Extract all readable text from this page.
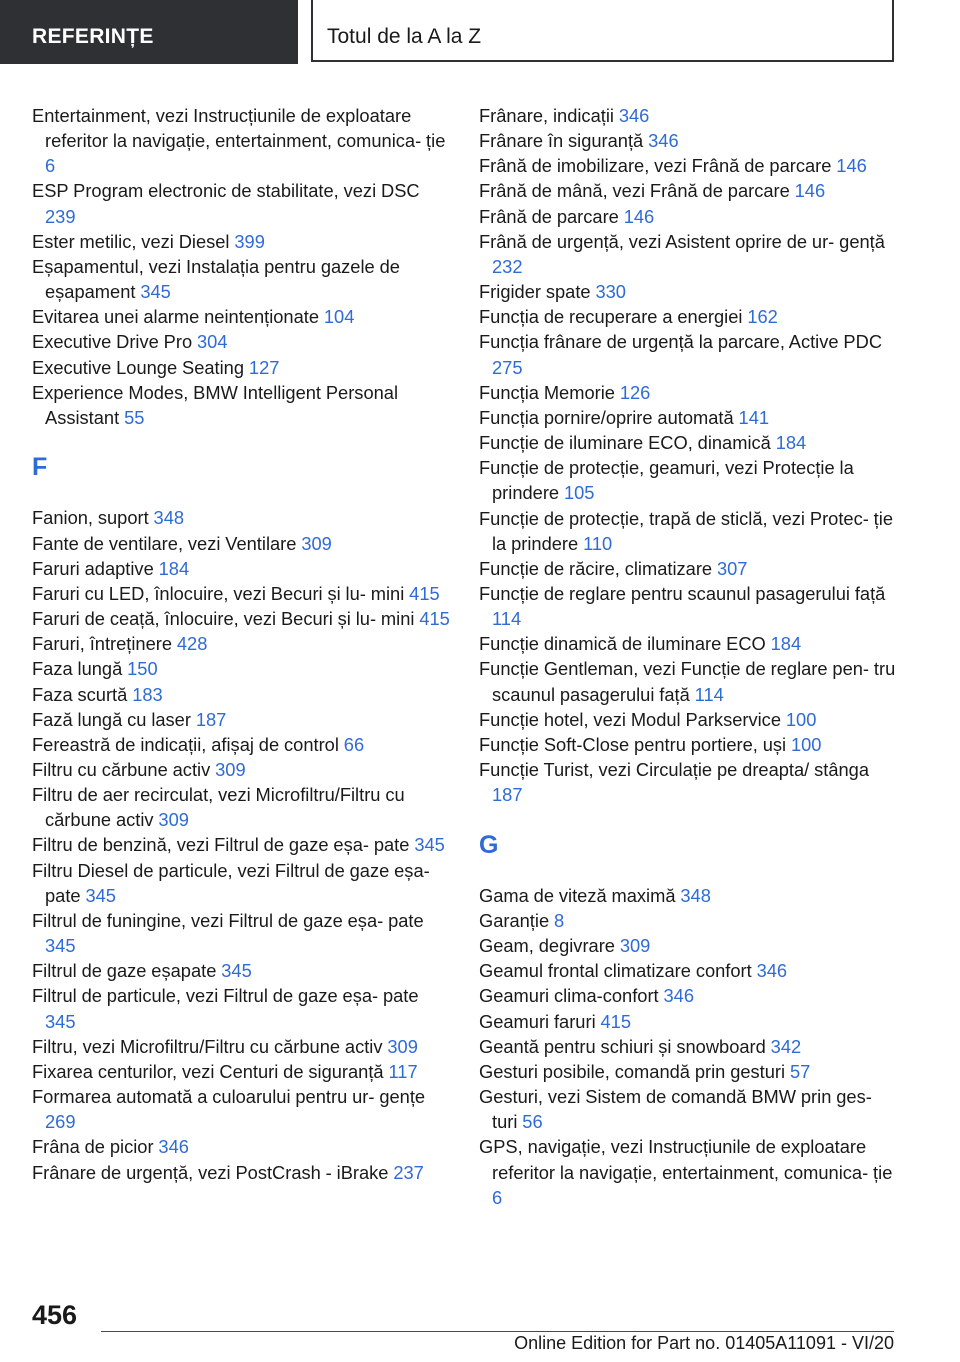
REFERINȚE	Totul de la A la Z
Entertainment, vezi Instrucțiunile de exploatare referitor la navigație, entertainment, comunica‐ ție 6
ESP Program electronic de stabilitate, vezi DSC 239
Ester metilic, vezi Diesel 399
Eșapamentul, vezi Instalația pentru gazele de eșapament 345
Evitarea unei alarme neintenționate 104
Executive Drive Pro 304
Executive Lounge Seating 127
Experience Modes, BMW Intelligent Personal Assistant 55
F
Fanion, suport 348
Fante de ventilare, vezi Ventilare 309
Faruri adaptive 184
Faruri cu LED, înlocuire, vezi Becuri și lu‐ mini 415
Faruri de ceață, înlocuire, vezi Becuri și lu‐ mini 415
Faruri, întreținere 428
Faza lungă 150
Faza scurtă 183
Fază lungă cu laser 187
Fereastră de indicații, afișaj de control 66
Filtru cu cărbune activ 309
Filtru de aer recirculat, vezi Microfiltru/Filtru cu cărbune activ 309
Filtru de benzină, vezi Filtrul de gaze eșa‐ pate 345
Filtru Diesel de particule, vezi Filtrul de gaze eșa‐ pate 345
Filtrul de funingine, vezi Filtrul de gaze eșa‐ pate 345
Filtrul de gaze eșapate 345
Filtrul de particule, vezi Filtrul de gaze eșa‐ pate 345
Filtru, vezi Microfiltru/Filtru cu cărbune activ 309
Fixarea centurilor, vezi Centuri de siguranță 117
Formarea automată a culoarului pentru ur‐ gențe 269
Frâna de picior 346
Frânare de urgență, vezi PostCrash - iBrake 237
Frânare, indicații 346
Frânare în siguranță 346
Frână de imobilizare, vezi Frână de parcare 146
Frână de mână, vezi Frână de parcare 146
Frână de parcare 146
Frână de urgență, vezi Asistent oprire de ur‐ gență 232
Frigider spate 330
Funcția de recuperare a energiei 162
Funcția frânare de urgență la parcare, Active PDC 275
Funcția Memorie 126
Funcția pornire/oprire automată 141
Funcție de iluminare ECO, dinamică 184
Funcție de protecție, geamuri, vezi Protecție la prindere 105
Funcție de protecție, trapă de sticlă, vezi Protec‐ ție la prindere 110
Funcție de răcire, climatizare 307
Funcție de reglare pentru scaunul pasagerului față 114
Funcție dinamică de iluminare ECO 184
Funcție Gentleman, vezi Funcție de reglare pen‐ tru scaunul pasagerului față 114
Funcție hotel, vezi Modul Parkservice 100
Funcție Soft-Close pentru portiere, uși 100
Funcție Turist, vezi Circulație pe dreapta/ stânga 187
G
Gama de viteză maximă 348
Garanție 8
Geam, degivrare 309
Geamul frontal climatizare confort 346
Geamuri clima-confort 346
Geamuri faruri 415
Geantă pentru schiuri și snowboard 342
Gesturi posibile, comandă prin gesturi 57
Gesturi, vezi Sistem de comandă BMW prin ges‐ turi 56
GPS, navigație, vezi Instrucțiunile de exploatare referitor la navigație, entertainment, comunica‐ ție 6
456
Online Edition for Part no. 01405A11091 - VI/20
